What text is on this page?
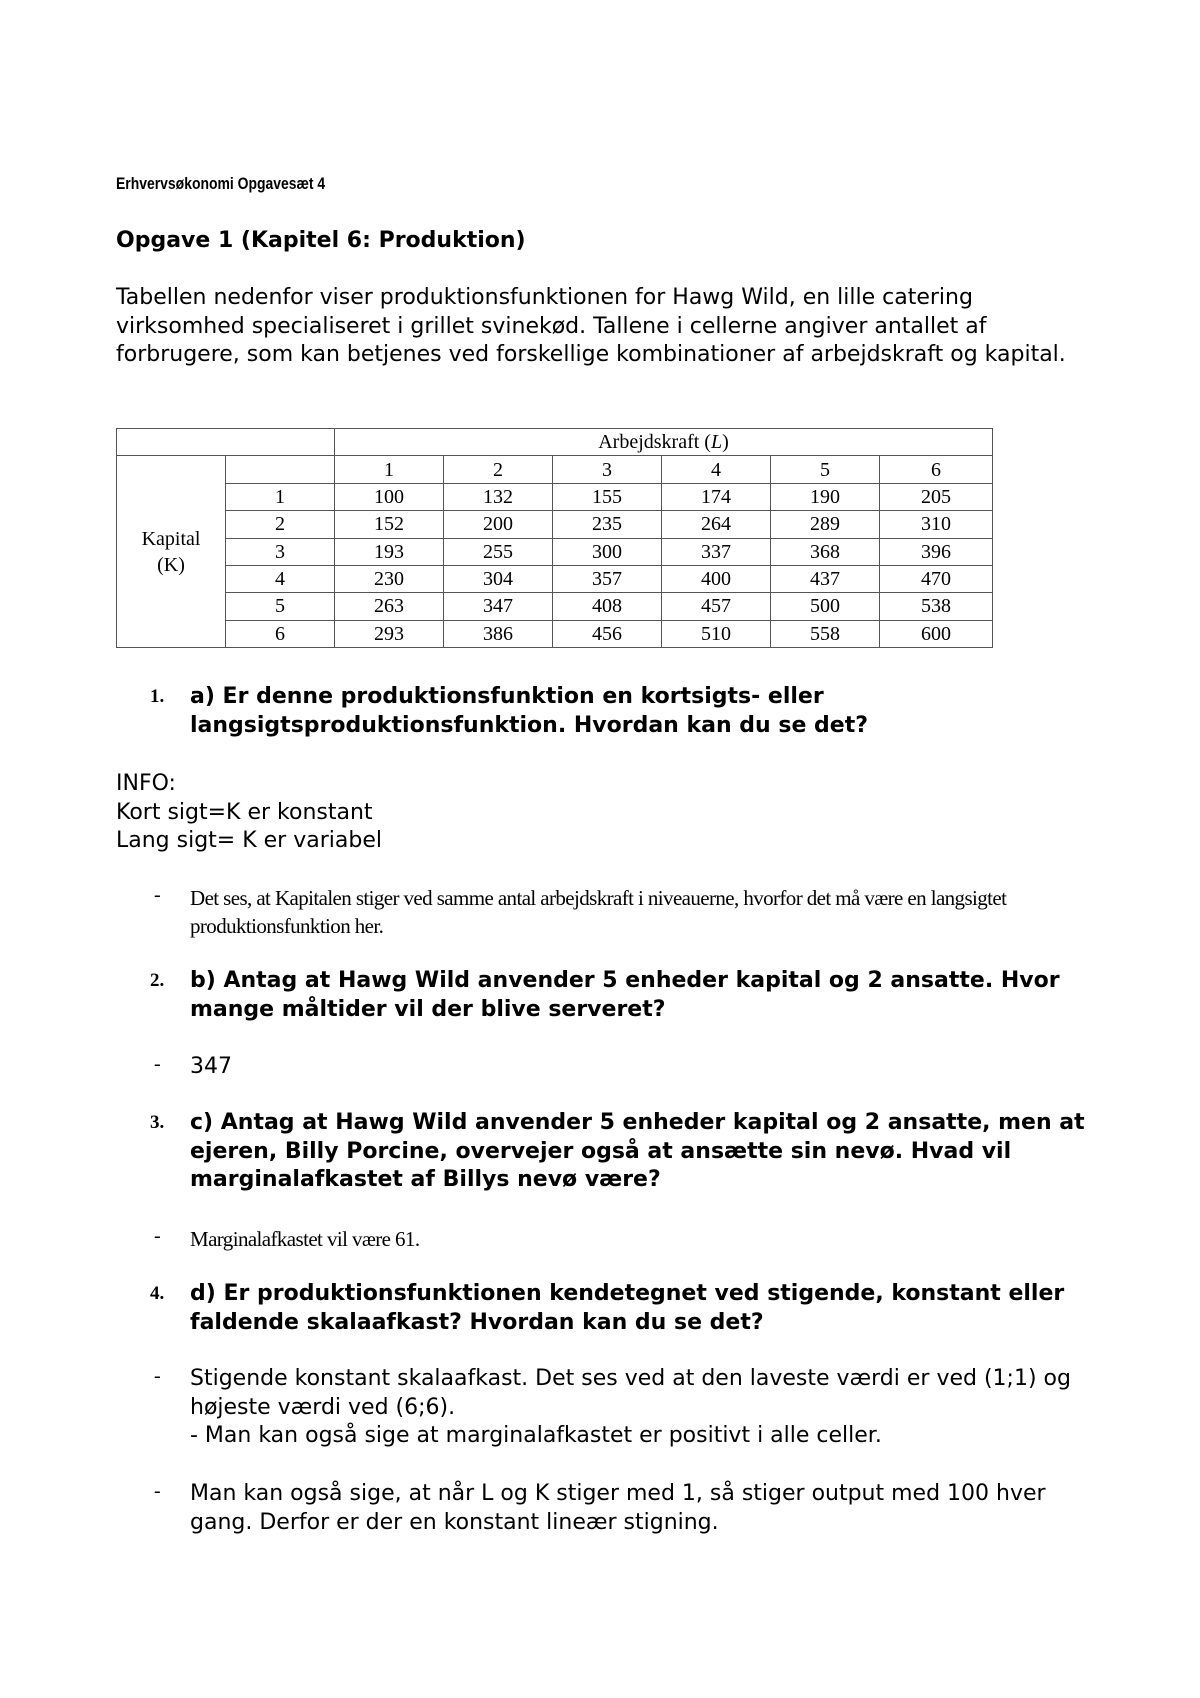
Erhvervsøkonomi Opgavesæt 4
Opgave 1 (Kapitel 6: Produktion)
Tabellen nedenfor viser produktionsfunktionen for Hawg Wild, en lille catering virksomhed specialiseret i grillet svinekød. Tallene i cellerne angiver antallet af forbrugere, som kan betjenes ved forskellige kombinationer af arbejdskraft og kapital.
		Arbejdskraft (L)					

Kapital
(K)		1	2	3	4	5	6
	1	100	132	155	174	190	205
	2	152	200	235	264	289	310
	3	193	255	300	337	368	396
	4	230	304	357	400	437	470
	5	263	347	408	457	500	538
	6	293	386	456	510	558	600
1.	a) Er denne produktionsfunktion en kortsigts- eller langsigtsproduktionsfunktion. Hvordan kan du se det?
INFO:
Kort sigt=K er konstant
Lang sigt= K er variabel
- Det ses, at Kapitalen stiger ved samme antal arbejdskraft i niveauerne, hvorfor det må være en langsigtet produktionsfunktion her.
2.	b) Antag at Hawg Wild anvender 5 enheder kapital og 2 ansatte. Hvor mange måltider vil der blive serveret?
- 347
3.	c) Antag at Hawg Wild anvender 5 enheder kapital og 2 ansatte, men at ejeren, Billy Porcine, overvejer også at ansætte sin nevø. Hvad vil marginalafkastet af Billys nevø være?
- Marginalafkastet vil være 61.
4.	d) Er produktionsfunktionen kendetegnet ved stigende, konstant eller faldende skalaafkast? Hvordan kan du se det?
- Stigende konstant skalaafkast. Det ses ved at den laveste værdi er ved (1;1) og højeste værdi ved (6;6).
- Man kan også sige at marginalafkastet er positivt i alle celler.
- Man kan også sige, at når L og K stiger med 1, så stiger output med 100 hver gang. Derfor er der en konstant lineær stigning.
